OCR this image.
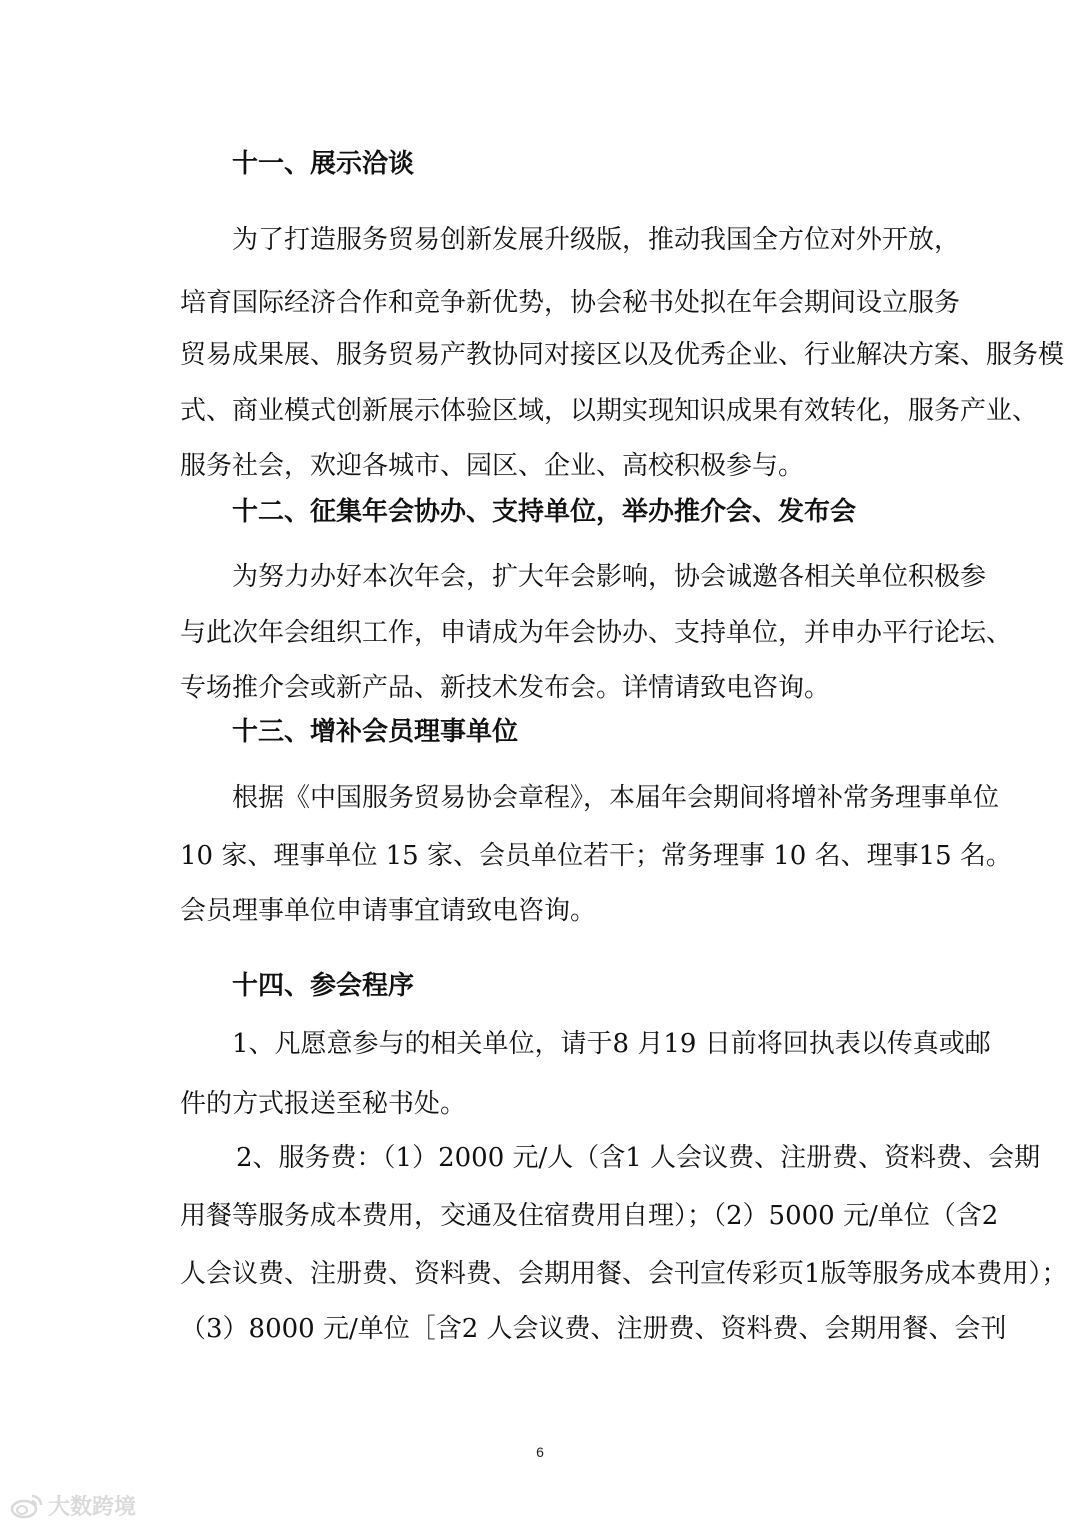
十一、展示洽谈
为了打造服务贸易创新发展升级版，推动我国全方位对外开放，
培育国际经济合作和竞争新优势，协会秘书处拟在年会期间设立服务
贸易成果展、服务贸易产教协同对接区以及优秀企业、行业解决方案、服务模
式、商业模式创新展示体验区域，以期实现知识成果有效转化，服务产业、
服务社会，欢迎各城市、园区、企业、高校积极参与。
十二、征集年会协办、支持单位，举办推介会、发布会
为努力办好本次年会，扩大年会影响，协会诚邀各相关单位积极参
与此次年会组织工作，申请成为年会协办、支持单位，并申办平行论坛、
专场推介会或新产品、新技术发布会。详情请致电咨询。
十三、增补会员理事单位
根据《中国服务贸易协会章程》，本届年会期间将增补常务理事单位
10 家、理事单位 15 家、会员单位若干；常务理事 10 名、理事15 名。
会员理事单位申请事宜请致电咨询。
十四、参会程序
1、凡愿意参与的相关单位，请于8 月19 日前将回执表以传真或邮
件的方式报送至秘书处。
2、服务费：（1）2000 元/人（含1 人会议费、注册费、资料费、会期
用餐等服务成本费用，交通及住宿费用自理）；（2）5000 元/单位（含2
人会议费、注册费、资料费、会期用餐、会刊宣传彩页1版等服务成本费用）；
（3）8000 元/单位［含2 人会议费、注册费、资料费、会期用餐、会刊
6
大数跨境
